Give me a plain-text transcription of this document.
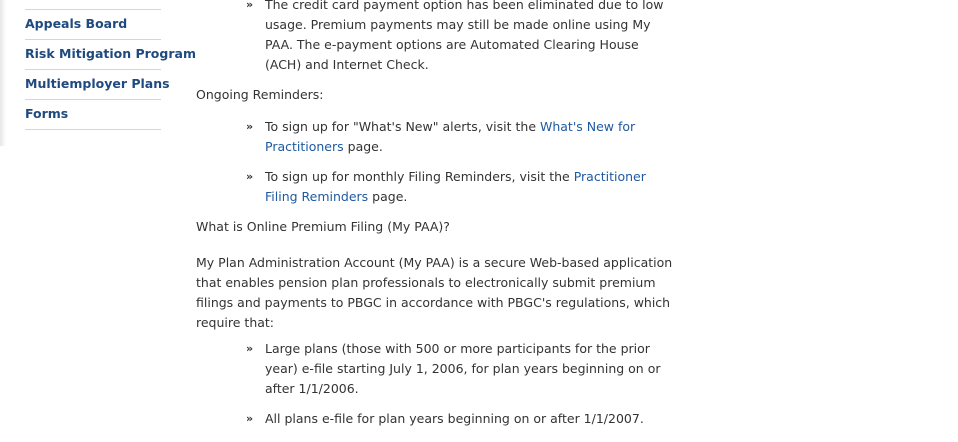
Appeals Board
Risk Mitigation Program
Multiemployer Plans
Forms
» The credit card payment option has been eliminated due to low usage. Premium payments may still be made online using My PAA. The e-payment options are Automated Clearing House (ACH) and Internet Check.

Ongoing Reminders:

» To sign up for "What's New" alerts, visit the What's New for Practitioners page.
» To sign up for monthly Filing Reminders, visit the Practitioner Filing Reminders page.

What is Online Premium Filing (My PAA)?

My Plan Administration Account (My PAA) is a secure Web-based application that enables pension plan professionals to electronically submit premium filings and payments to PBGC in accordance with PBGC's regulations, which require that:

» Large plans (those with 500 or more participants for the prior year) e-file starting July 1, 2006, for plan years beginning on or after 1/1/2006.
» All plans e-file for plan years beginning on or after 1/1/2007.
